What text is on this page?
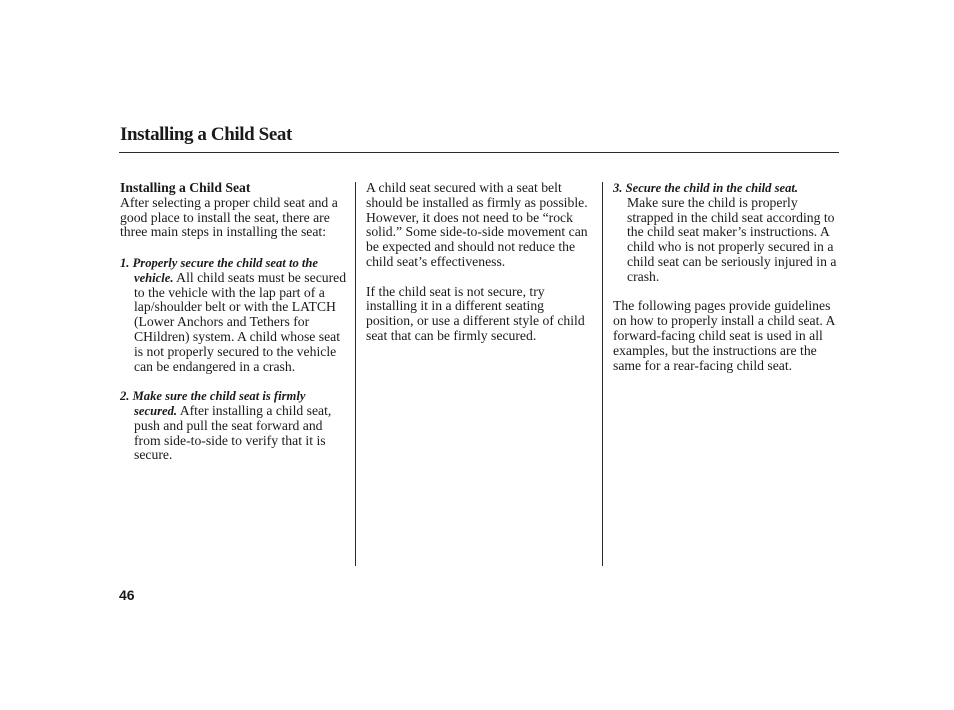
Installing a Child Seat
Installing a Child Seat

After selecting a proper child seat and a good place to install the seat, there are three main steps in installing the seat:

1. Properly secure the child seat to the vehicle. All child seats must be secured to the vehicle with the lap part of a lap/shoulder belt or with the LATCH (Lower Anchors and Tethers for CHildren) system. A child whose seat is not properly secured to the vehicle can be endangered in a crash.
2. Make sure the child seat is firmly secured. After installing a child seat, push and pull the seat forward and from side-to-side to verify that it is secure.

A child seat secured with a seat belt should be installed as firmly as possible. However, it does not need to be “rock solid.” Some side-to-side movement can be expected and should not reduce the child seat’s effectiveness.

If the child seat is not secure, try installing it in a different seating position, or use a different style of child seat that can be firmly secured.

3. Secure the child in the child seat.

Make sure the child is properly strapped in the child seat according to the child seat maker’s instructions. A child who is not properly secured in a child seat can be seriously injured in a crash.

The following pages provide guidelines on how to properly install a child seat. A forward-facing child seat is used in all examples, but the instructions are the same for a rear-facing child seat.

46
